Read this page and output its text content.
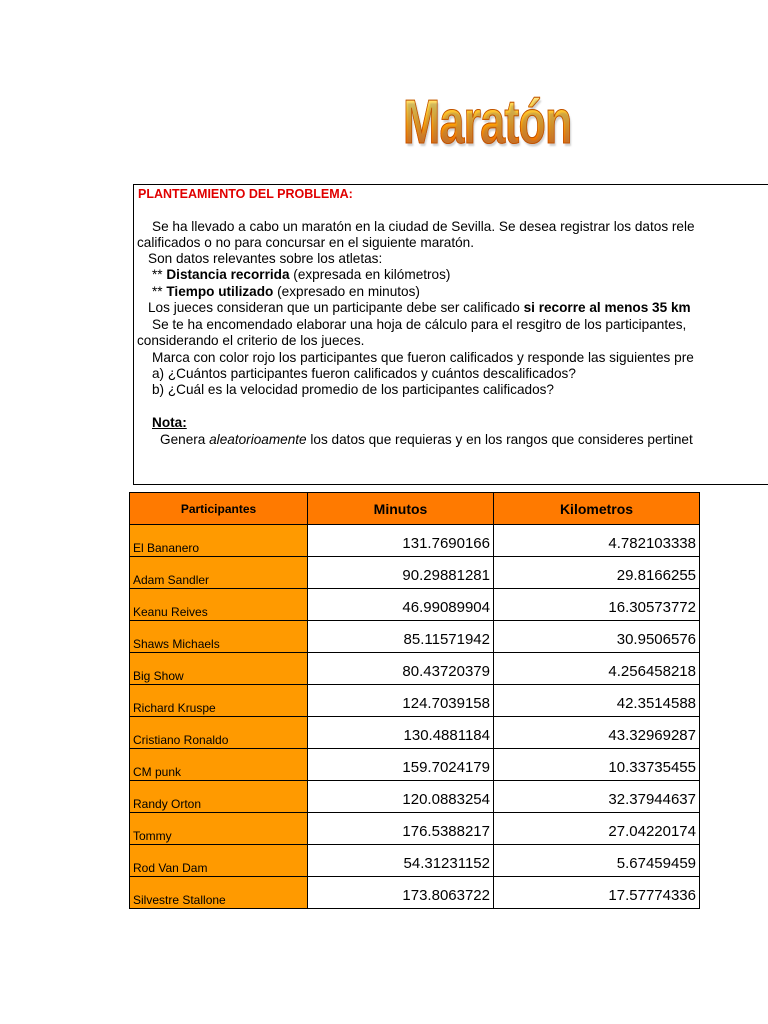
Maratón
PLANTEAMIENTO DEL PROBLEMA:
Se ha llevado a cabo un maratón en la ciudad de Sevilla. Se desea registrar los datos rele
calificados o no para concursar en el siguiente maratón.
Son datos relevantes sobre los atletas:
** Distancia recorrida (expresada en kilómetros)
** Tiempo utilizado (expresado en minutos)
Los jueces consideran que un participante debe ser calificado si recorre al menos 35 km
Se te ha encomendado elaborar una hoja de cálculo para el resgitro de los participantes,
considerando el criterio de los jueces.
Marca con color rojo los participantes que fueron calificados y responde las siguientes pre
a) ¿Cuántos participantes fueron calificados y cuántos descalificados?
b) ¿Cuál es la velocidad promedio de los participantes calificados?
Nota:
Genera aleatorioamente los datos que requieras y en los rangos que consideres pertinet
Participantes	Minutos	Kilometros
El Bananero	131.7690166	4.782103338
Adam Sandler	90.29881281	29.8166255
Keanu Reives	46.99089904	16.30573772
Shaws Michaels	85.11571942	30.9506576
Big Show	80.43720379	4.256458218
Richard Kruspe	124.7039158	42.3514588
Cristiano Ronaldo	130.4881184	43.32969287
CM punk	159.7024179	10.33735455
Randy Orton	120.0883254	32.37944637
Tommy	176.5388217	27.04220174
Rod Van Dam	54.31231152	5.67459459
Silvestre Stallone	173.8063722	17.57774336
